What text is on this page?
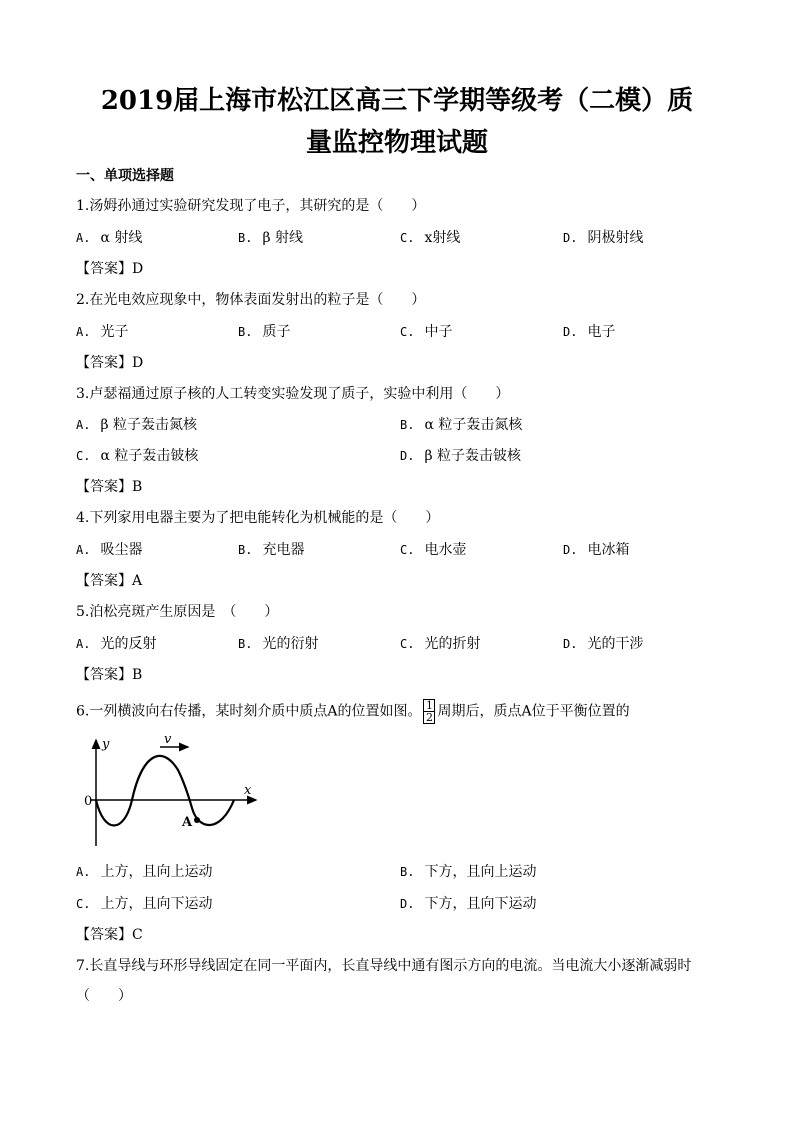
2019届上海市松江区高三下学期等级考（二模）质
量监控物理试题
一、单项选择题
1.汤姆孙通过实验研究发现了电子，其研究的是（　　）
A. α 射线	B. β 射线	C. x射线	D. 阴极射线
【答案】D
2.在光电效应现象中，物体表面发射出的粒子是（　　）
A. 光子	B. 质子	C. 中子	D. 电子
【答案】D
3.卢瑟福通过原子核的人工转变实验发现了质子，实验中利用（　　）
A. β 粒子轰击氮核	B. α 粒子轰击氮核
C. α 粒子轰击铍核	D. β 粒子轰击铍核
【答案】B
4.下列家用电器主要为了把电能转化为机械能的是（　　）
A. 吸尘器	B. 充电器	C. 电水壶	D. 电冰箱
【答案】A
5.泊松亮斑产生原因是　（　　）
A. 光的反射	B. 光的衍射	C. 光的折射	D. 光的干涉
【答案】B
6.一列横波向右传播，某时刻介质中质点A的位置如图。 $\frac{1}{2}$ 周期后，质点A位于平衡位置的
y
x
v
0
A
A. 上方，且向上运动	B. 下方，且向上运动
C. 上方，且向下运动	D. 下方，且向下运动
【答案】C
7.长直导线与环形导线固定在同一平面内，长直导线中通有图示方向的电流。当电流大小逐渐减弱时
（　　）
